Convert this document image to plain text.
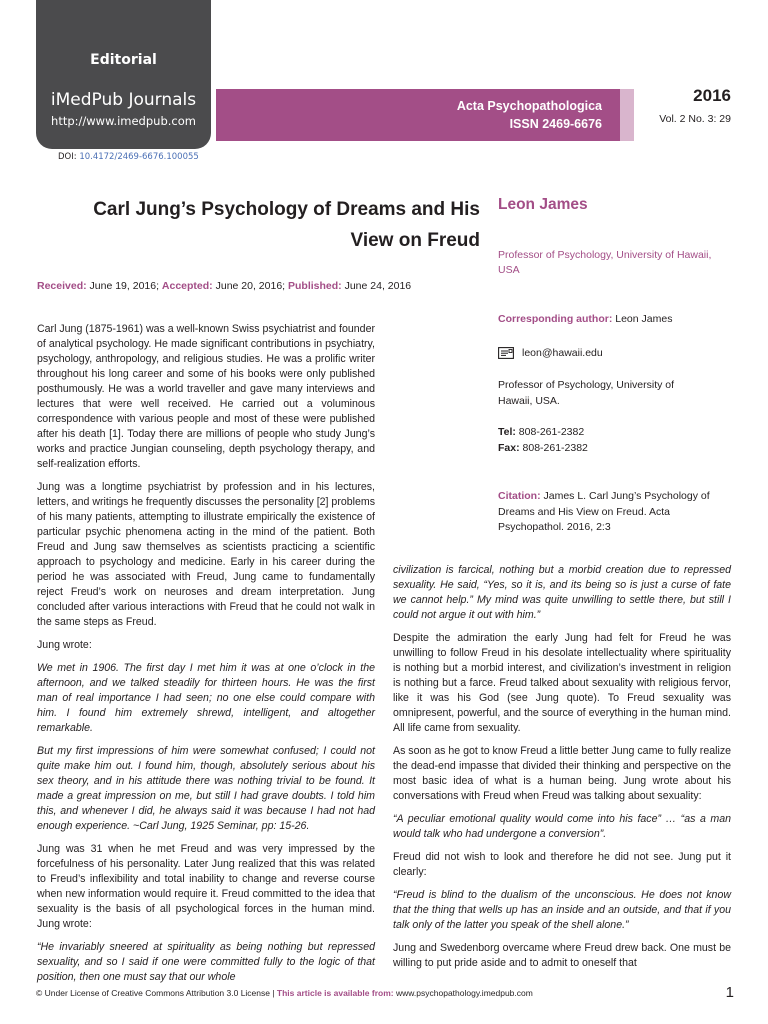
Editorial
iMedPub Journals
http://www.imedpub.com
Acta Psychopathologica
ISSN 2469-6676
2016
Vol. 2 No. 3: 29
DOI: 10.4172/2469-6676.100055
Carl Jung’s Psychology of Dreams and His
View on Freud
Received: June 19, 2016; Accepted: June 20, 2016; Published: June 24, 2016
Leon James
Professor of Psychology, University of Hawaii, USA
Corresponding author: Leon James
leon@hawaii.edu
Professor of Psychology, University of Hawaii, USA.
Tel: 808-261-2382
Fax: 808-261-2382
Citation: James L. Carl Jung’s Psychology of Dreams and His View on Freud. Acta Psychopathol. 2016, 2:3

Carl Jung (1875-1961) was a well-known Swiss psychiatrist and founder of analytical psychology. He made significant contributions in psychiatry, psychology, anthropology, and religious studies. He was a prolific writer throughout his long career and some of his books were only published posthumously. He was a world traveller and gave many interviews and lectures that were well received. He carried out a voluminous correspondence with various people and most of these were published after his death [1]. Today there are millions of people who study Jung’s works and practice Jungian counseling, depth psychology therapy, and self-realization efforts.

Jung was a longtime psychiatrist by profession and in his lectures, letters, and writings he frequently discusses the personality [2] problems of his many patients, attempting to illustrate empirically the existence of particular psychic phenomena acting in the mind of the patient. Both Freud and Jung saw themselves as scientists practicing a scientific approach to psychology and medicine. Early in his career during the period he was associated with Freud, Jung came to fundamentally reject Freud’s work on neuroses and dream interpretation. Jung concluded after various interactions with Freud that he could not walk in the same steps as Freud.

Jung wrote:

We met in 1906. The first day I met him it was at one o’clock in the afternoon, and we talked steadily for thirteen hours. He was the first man of real importance I had seen; no one else could compare with him. I found him extremely shrewd, intelligent, and altogether remarkable.

But my first impressions of him were somewhat confused; I could not quite make him out. I found him, though, absolutely serious about his sex theory, and in his attitude there was nothing trivial to be found. It made a great impression on me, but still I had grave doubts. I told him this, and whenever I did, he always said it was because I had not had enough experience. ~Carl Jung, 1925 Seminar, pp: 15-26.

Jung was 31 when he met Freud and was very impressed by the forcefulness of his personality. Later Jung realized that this was related to Freud’s inflexibility and total inability to change and reverse course when new information would require it. Freud committed to the idea that sexuality is the basis of all psychological forces in the human mind. Jung wrote:

“He invariably sneered at spirituality as being nothing but repressed sexuality, and so I said if one were committed fully to the logic of that position, then one must say that our whole

civilization is farcical, nothing but a morbid creation due to repressed sexuality. He said, “Yes, so it is, and its being so is just a curse of fate we cannot help.” My mind was quite unwilling to settle there, but still I could not argue it out with him.”

Despite the admiration the early Jung had felt for Freud he was unwilling to follow Freud in his desolate intellectuality where spirituality is nothing but a morbid interest, and civilization’s investment in religion is nothing but a farce. Freud talked about sexuality with religious fervor, like it was his God (see Jung quote). To Freud sexuality was omnipresent, powerful, and the source of everything in the human mind. All life came from sexuality.

As soon as he got to know Freud a little better Jung came to fully realize the dead-end impasse that divided their thinking and perspective on the most basic idea of what is a human being. Jung wrote about his conversations with Freud when Freud was talking about sexuality:

“A peculiar emotional quality would come into his face” … “as a man would talk who had undergone a conversion”.

Freud did not wish to look and therefore he did not see. Jung put it clearly:

“Freud is blind to the dualism of the unconscious. He does not know that the thing that wells up has an inside and an outside, and that if you talk only of the latter you speak of the shell alone.”

Jung and Swedenborg overcame where Freud drew back. One must be willing to put pride aside and to admit to oneself that

© Under License of Creative Commons Attribution 3.0 License | This article is available from: www.psychopathology.imedpub.com	1
